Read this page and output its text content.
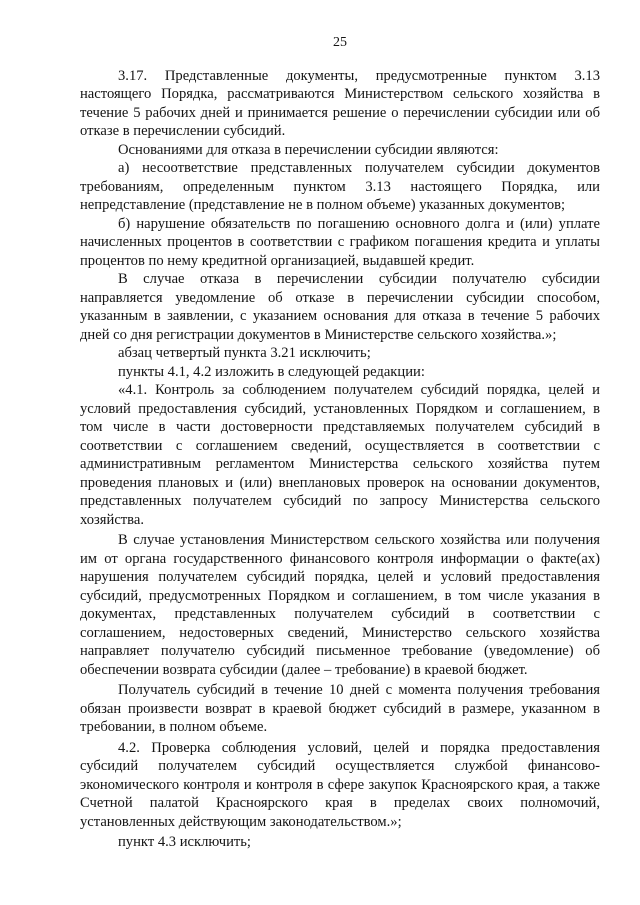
25

3.17. Представленные документы, предусмотренные пунктом 3.13 настоящего Порядка, рассматриваются Министерством сельского хозяйства в течение 5 рабочих дней и принимается решение о перечислении субсидии или об отказе в перечислении субсидий.

Основаниями для отказа в перечислении субсидии являются:

а) несоответствие представленных получателем субсидии документов требованиям, определенным пунктом 3.13 настоящего Порядка, или непредставление (представление не в полном объеме) указанных документов;

б) нарушение обязательств по погашению основного долга и (или) уплате начисленных процентов в соответствии с графиком погашения кредита и уплаты процентов по нему кредитной организацией, выдавшей кредит.

В случае отказа в перечислении субсидии получателю субсидии направляется уведомление об отказе в перечислении субсидии способом, указанным в заявлении, с указанием основания для отказа в течение 5 рабочих дней со дня регистрации документов в Министерстве сельского хозяйства.»;

абзац четвертый пункта 3.21 исключить;

пункты 4.1, 4.2 изложить в следующей редакции:

«4.1. Контроль за соблюдением получателем субсидий порядка, целей и условий предоставления субсидий, установленных Порядком и соглашением, в том числе в части достоверности представляемых получателем субсидий в соответствии с соглашением сведений, осуществляется в соответствии с административным регламентом Министерства сельского хозяйства путем проведения плановых и (или) внеплановых проверок на основании документов, представленных получателем субсидий по запросу Министерства сельского хозяйства.

В случае установления Министерством сельского хозяйства или получения им от органа государственного финансового контроля информации о факте(ах) нарушения получателем субсидий порядка, целей и условий предоставления субсидий, предусмотренных Порядком и соглашением, в том числе указания в документах, представленных получателем субсидий в соответствии с соглашением, недостоверных сведений, Министерство сельского хозяйства направляет получателю субсидий письменное требование (уведомление) об обеспечении возврата субсидии (далее – требование) в краевой бюджет.

Получатель субсидий в течение 10 дней с момента получения требования обязан произвести возврат в краевой бюджет субсидий в размере, указанном в требовании, в полном объеме.

4.2. Проверка соблюдения условий, целей и порядка предоставления субсидий получателем субсидий осуществляется службой финансово-экономического контроля и контроля в сфере закупок Красноярского края, а также Счетной палатой Красноярского края в пределах своих полномочий, установленных действующим законодательством.»;

пункт 4.3 исключить;
